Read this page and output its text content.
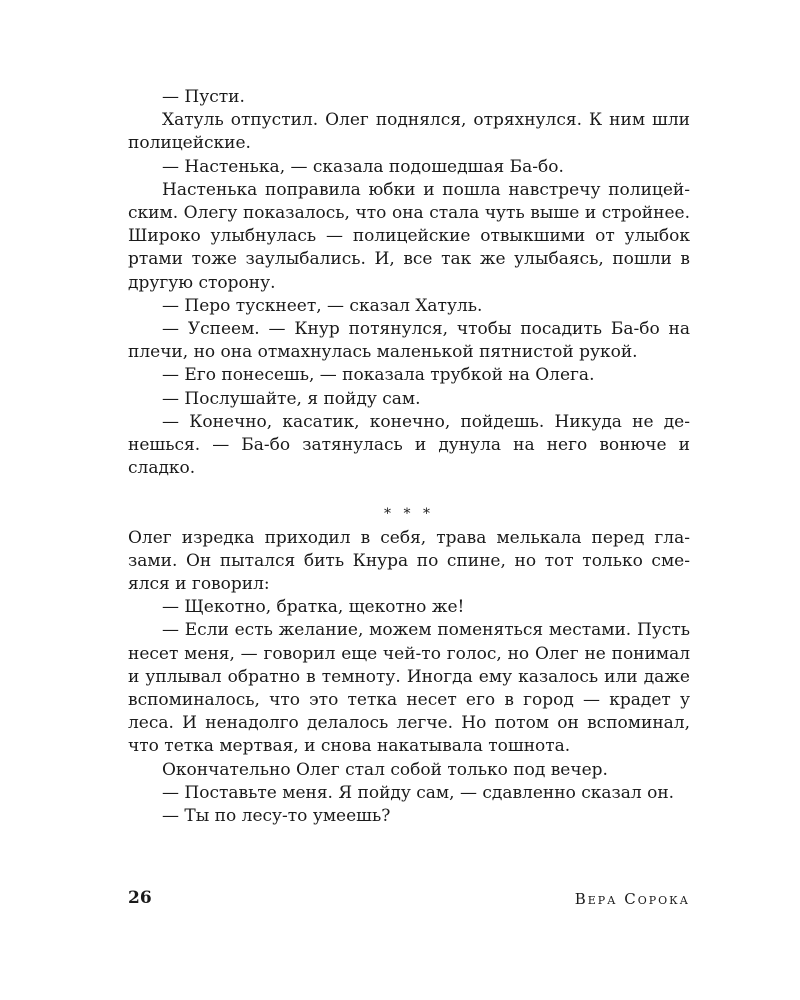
— Пусти.

Хатуль отпустил. Олег поднялся, отряхнулся. К ним шли полицейские.

— Настенька, — сказала подошедшая Ба-бо.

Настенька поправила юбки и пошла навстречу полицейским. Олегу показалось, что она стала чуть выше и стройнее. Широко улыбнулась — полицейские отвыкшими от улыбок ртами тоже заулыбались. И, все так же улыбаясь, пошли в другую сторону.

— Перо тускнеет, — сказал Хатуль.

— Успеем. — Кнур потянулся, чтобы посадить Ба-бо на плечи, но она отмахнулась маленькой пятнистой рукой.

— Его понесешь, — показала трубкой на Олега.

— Послушайте, я пойду сам.

— Конечно, касатик, конечно, пойдешь. Никуда не денешься. — Ба-бо затянулась и дунула на него вонюче и сладко.

* * *

Олег изредка приходил в себя, трава мелькала перед глазами. Он пытался бить Кнура по спине, но тот только смеялся и говорил:

— Щекотно, братка, щекотно же!

— Если есть желание, можем поменяться местами. Пусть несет меня, — говорил еще чей-то голос, но Олег не понимал и уплывал обратно в темноту. Иногда ему казалось или даже вспоминалось, что это тетка несет его в город — крадет у леса. И ненадолго делалось легче. Но потом он вспоминал, что тетка мертвая, и снова накатывала тошнота.

Окончательно Олег стал собой только под вечер.

— Поставьте меня. Я пойду сам, — сдавленно сказал он.

— Ты по лесу-то умеешь?

26	Вера Сорока
